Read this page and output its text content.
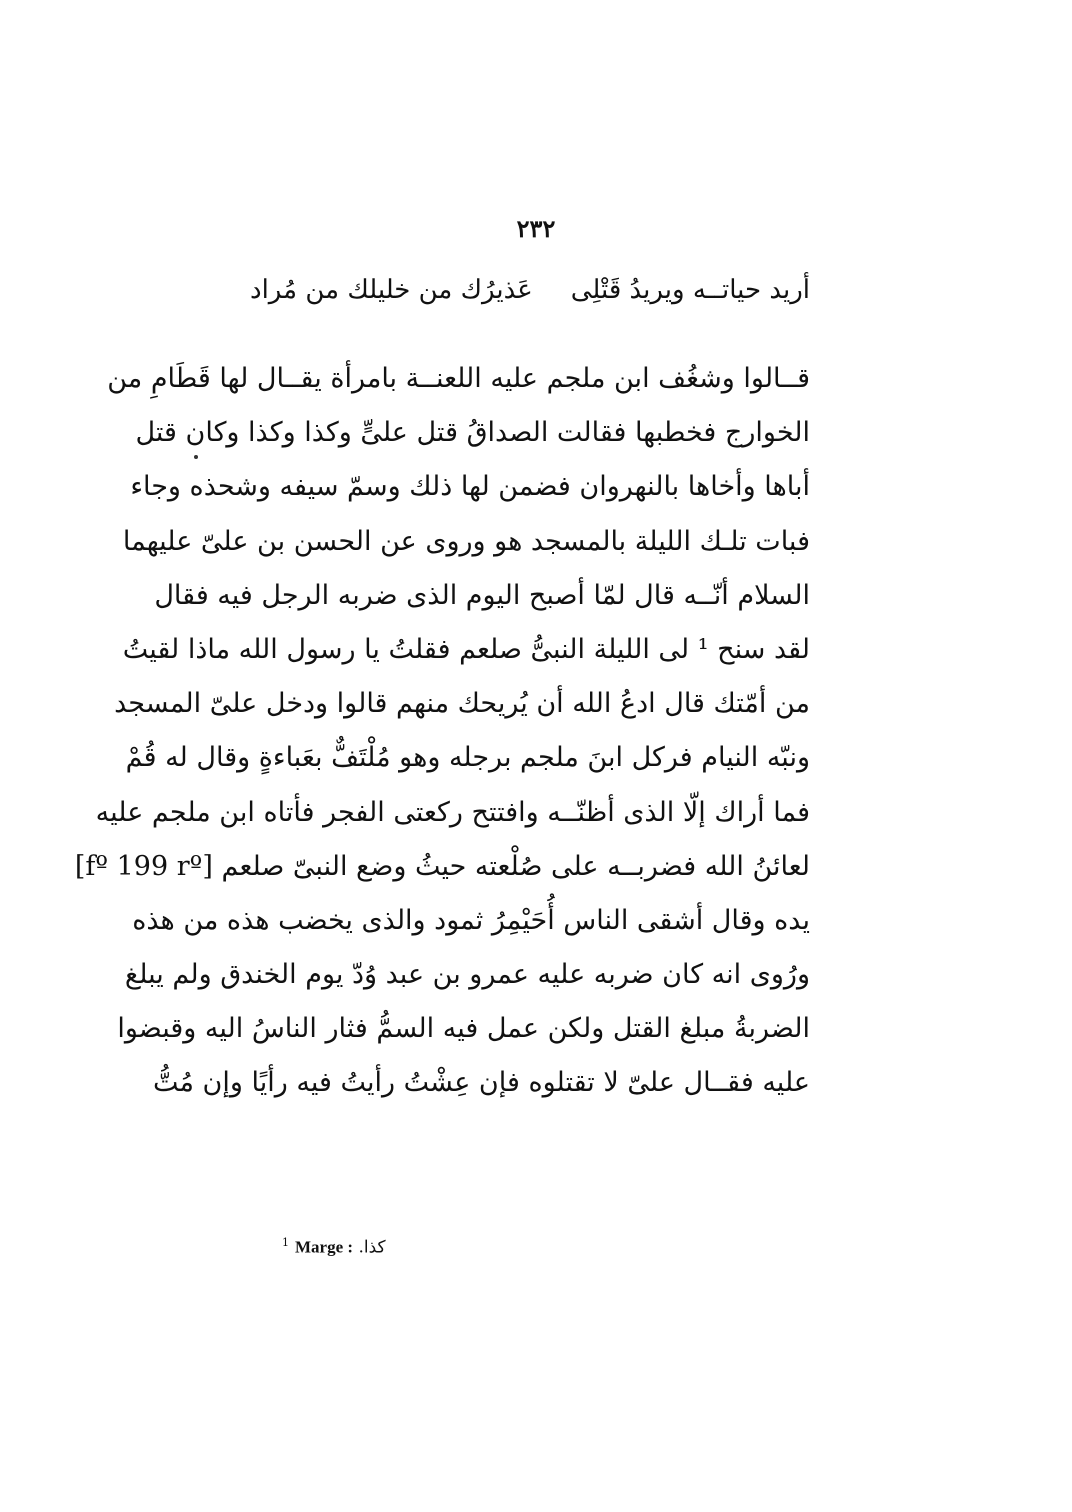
٢٣٢
أريد حياتــه ويريدُ قَتْلِى
عَذيرُك من خليلك من مُراد
قــالوا وشغُف ابن ملجم عليه اللعنــة بامرأة يقــال لها قَطَامِ من
الخوارج فخطبها فقالت الصداقُ قتل علىٍّ وكذا وكذا وكان قتل
أباها وأخاها بالنهروان فضمن لها ذلك وسمّ سيفه وشحذه وجاء
فبات تلـك الليلة بالمسجد هو وروى عن الحسن بن علىّ عليهما
السلام أنّــه قال لمّا أصبح اليوم الذى ضربه الرجل فيه فقال
لقد سنح ¹ لى الليلة النبىُّ صلعم فقلتُ يا رسول الله ماذا لقيتُ
من أمّتك قال ادعُ الله أن يُريحك منهم قالوا ودخل علىّ المسجد
ونبّه النيام فركل ابنَ ملجم برجله وهو مُلْتَفٌّ بعَباءةٍ وقال له قُمْ
فما أراك إلّا الذى أظنّــه وافتتح ركعتى الفجر فأتاه ابن ملجم عليه
لعائنُ الله فضربــه على صُلْعته حيثُ وضع النبىّ صلعم [fº 199 rº]
يده وقال أشقى الناس أُحَيْمِرُ ثمود والذى يخضب هذه من هذه
ورُوى انه كان ضربه عليه عمرو بن عبد وُدّ يوم الخندق ولم يبلغ
الضربةُ مبلغ القتل ولكن عمل فيه السمُّ فثار الناسُ اليه وقبضوا
عليه فقــال علىّ لا تقتلوه فإن عِشْتُ رأيتُ فيه رأيًا وإن مُتُّ
$^1$ Marge : كذا.
